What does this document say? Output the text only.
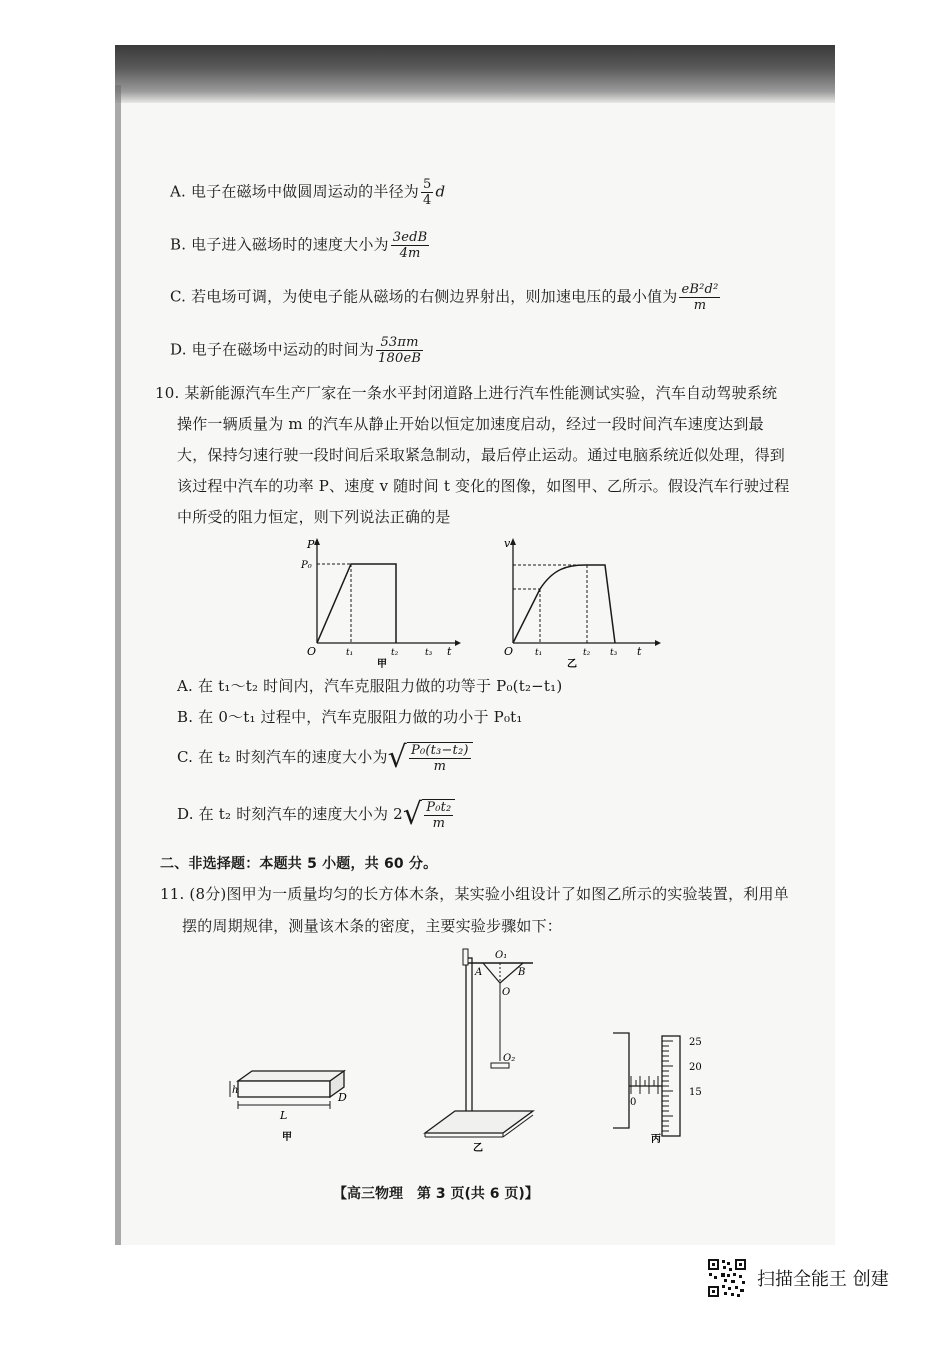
A. 电子在磁场中做圆周运动的半径为 $\frac{5}{4}$ d
B. 电子进入磁场时的速度大小为 $\frac{\text{3edB}}{4m}$
C. 若电场可调，为使电子能从磁场的右侧边界射出，则加速电压的最小值为 $\frac{\text{eB²d²}}{m}$
D. 电子在磁场中运动的时间为 $\frac{53\pi m}{180eB}$
10. 某新能源汽车生产厂家在一条水平封闭道路上进行汽车性能测试实验，汽车自动驾驶系统
操作一辆质量为 m 的汽车从静止开始以恒定加速度启动，经过一段时间汽车速度达到最
大，保持匀速行驶一段时间后采取紧急制动，最后停止运动。通过电脑系统近似处理，得到
该过程中汽车的功率 P、速度 v 随时间 t 变化的图像，如图甲、乙所示。假设汽车行驶过程
中所受的阻力恒定，则下列说法正确的是
P
P₀
O	t₁	t₂	t₃ t
甲
v
O t₁	t₂ t₃ t
乙
A. 在 t₁～t₂ 时间内，汽车克服阻力做的功等于 P₀(t₂−t₁)
B. 在 0～t₁ 过程中，汽车克服阻力做的功小于 P₀t₁
C. 在 t₂ 时刻汽车的速度大小为√ $\frac{\text{P₀(t₃−t₂)}}{m}$
D. 在 t₂ 时刻汽车的速度大小为 $2√ \frac{\text{P₀t₂}}{m}$
二、非选择题：本题共 5 小题，共 60 分。
11. (8分)图甲为一质量均匀的长方体木条，某实验小组设计了如图乙所示的实验装置，利用单
摆的周期规律，测量该木条的密度，主要实验步骤如下：
h
L
D
甲
O₁
A	B
O
O₂
乙
25
20
15
0
丙
【高三物理　第 3 页(共 6 页)】
扫描全能王 创建
